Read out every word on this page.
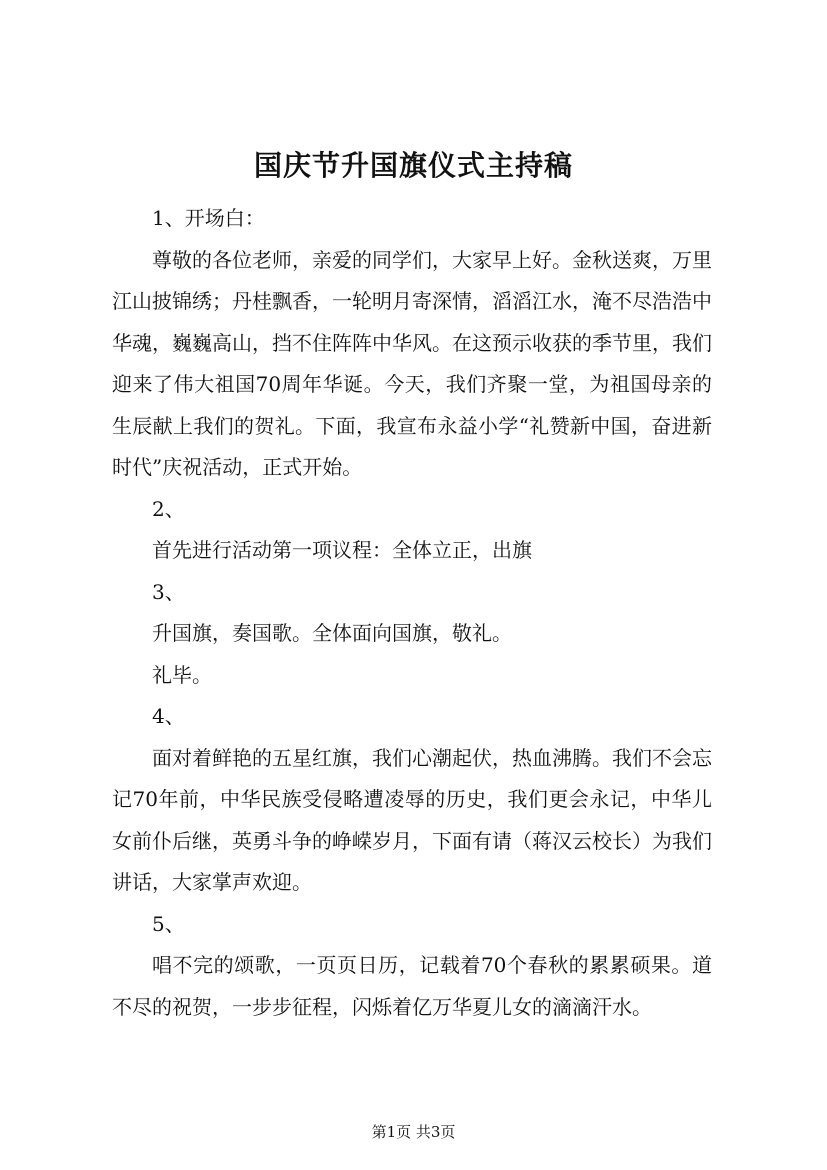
国庆节升国旗仪式主持稿

1、开场白：

尊敬的各位老师，亲爱的同学们，大家早上好。金秋送爽，万里江山披锦绣；丹桂飘香，一轮明月寄深情，滔滔江水，淹不尽浩浩中华魂，巍巍高山，挡不住阵阵中华风。在这预示收获的季节里，我们迎来了伟大祖国70周年华诞。今天，我们齐聚一堂，为祖国母亲的生辰献上我们的贺礼。下面，我宣布永益小学“礼赞新中国，奋进新时代”庆祝活动，正式开始。

2、

首先进行活动第一项议程：全体立正，出旗

3、

升国旗，奏国歌。全体面向国旗，敬礼。

礼毕。

4、

面对着鲜艳的五星红旗，我们心潮起伏，热血沸腾。我们不会忘记70年前，中华民族受侵略遭凌辱的历史，我们更会永记，中华儿女前仆后继，英勇斗争的峥嵘岁月，下面有请（蒋汉云校长）为我们讲话，大家掌声欢迎。

5、

唱不完的颂歌，一页页日历，记载着70个春秋的累累硕果。道不尽的祝贺，一步步征程，闪烁着亿万华夏儿女的滴滴汗水。

第1页 共3页
